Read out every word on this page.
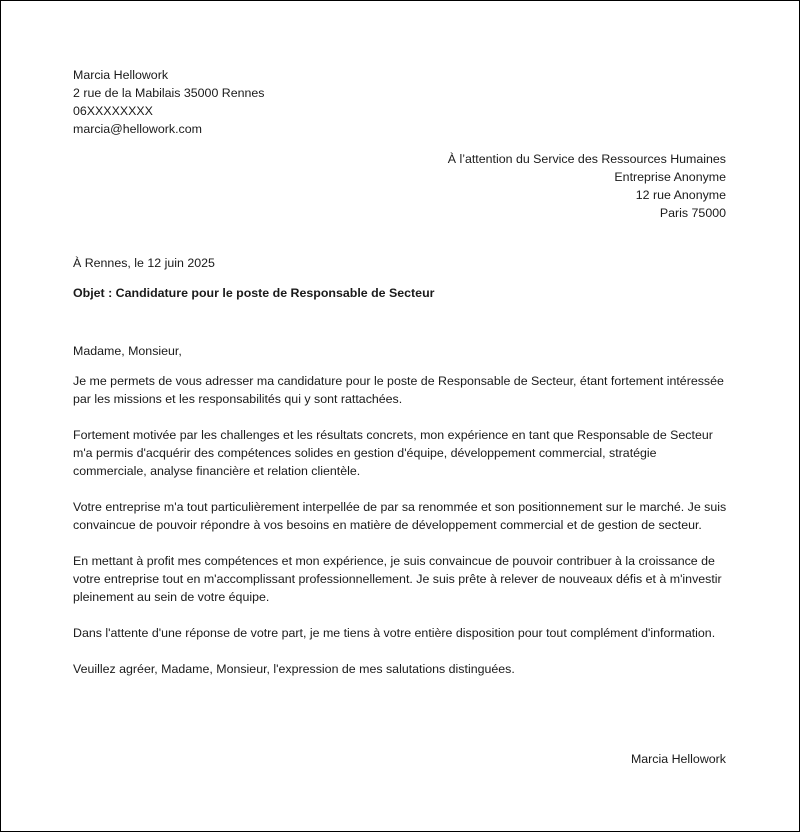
Marcia Hellowork
2 rue de la Mabilais 35000 Rennes
06XXXXXXXX
marcia@hellowork.com
À l’attention du Service des Ressources Humaines
Entreprise Anonyme
12 rue Anonyme
Paris 75000
À Rennes, le 12 juin 2025
Objet : Candidature pour le poste de Responsable de Secteur

Madame, Monsieur,

Je me permets de vous adresser ma candidature pour le poste de Responsable de Secteur, étant fortement intéressée par les missions et les responsabilités qui y sont rattachées.

Fortement motivée par les challenges et les résultats concrets, mon expérience en tant que Responsable de Secteur m'a permis d'acquérir des compétences solides en gestion d'équipe, développement commercial, stratégie commerciale, analyse financière et relation clientèle.

Votre entreprise m'a tout particulièrement interpellée de par sa renommée et son positionnement sur le marché. Je suis convaincue de pouvoir répondre à vos besoins en matière de développement commercial et de gestion de secteur.

En mettant à profit mes compétences et mon expérience, je suis convaincue de pouvoir contribuer à la croissance de votre entreprise tout en m'accomplissant professionnellement. Je suis prête à relever de nouveaux défis et à m'investir pleinement au sein de votre équipe.

Dans l'attente d'une réponse de votre part, je me tiens à votre entière disposition pour tout complément d'information.

Veuillez agréer, Madame, Monsieur, l'expression de mes salutations distinguées.

Marcia Hellowork
